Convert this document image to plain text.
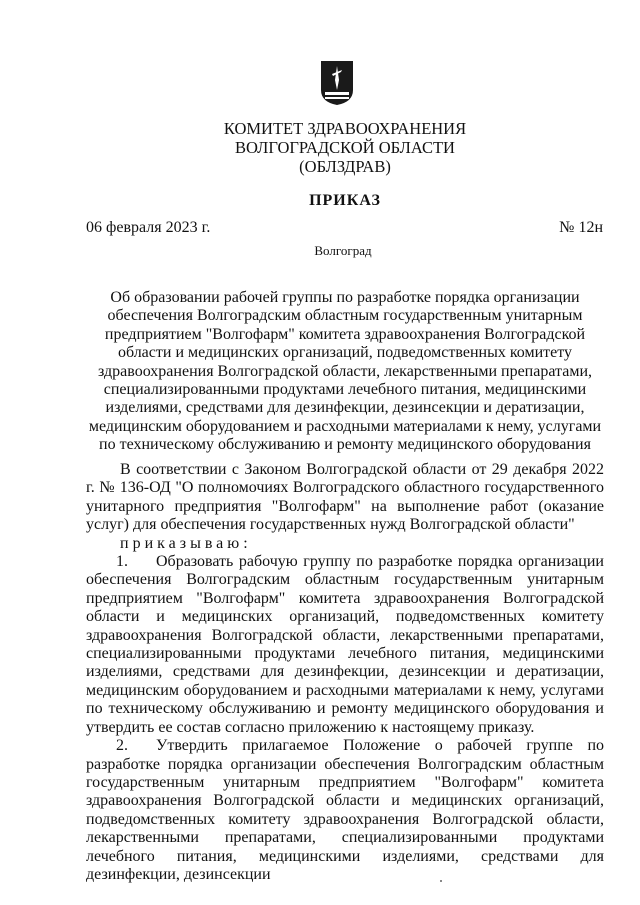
КОМИТЕТ ЗДРАВООХРАНЕНИЯ
ВОЛГОГРАДСКОЙ ОБЛАСТИ
(ОБЛЗДРАВ)
ПРИКАЗ
06 февраля 2023 г.	№ 12н
Волгоград
Об образовании рабочей группы по разработке порядка организации обеспечения Волгоградским областным государственным унитарным предприятием "Волгофарм" комитета здравоохранения Волгоградской области и медицинских организаций, подведомственных комитету здравоохранения Волгоградской области, лекарственными препаратами, специализированными продуктами лечебного питания, медицинскими изделиями, средствами для дезинфекции, дезинсекции и дератизации, медицинским оборудованием и расходными материалами к нему, услугами по техническому обслуживанию и ремонту медицинского оборудования

В соответствии с Законом Волгоградской области от 29 декабря 2022 г. № 136-ОД "О полномочиях Волгоградского областного государственного унитарного предприятия "Волгофарм" на выполнение работ (оказание услуг) для обеспечения государственных нужд Волгоградской области"

приказываю:

1. Образовать рабочую группу по разработке порядка организации обеспечения Волгоградским областным государственным унитарным предприятием "Волгофарм" комитета здравоохранения Волгоградской области и медицинских организаций, подведомственных комитету здравоохранения Волгоградской области, лекарственными препаратами, специализированными продуктами лечебного питания, медицинскими изделиями, средствами для дезинфекции, дезинсекции и дератизации, медицинским оборудованием и расходными материалами к нему, услугами по техническому обслуживанию и ремонту медицинского оборудования и утвердить ее состав согласно приложению к настоящему приказу.

2. Утвердить прилагаемое Положение о рабочей группе по разработке порядка организации обеспечения Волгоградским областным государственным унитарным предприятием "Волгофарм" комитета здравоохранения Волгоградской области и медицинских организаций, подведомственных комитету здравоохранения Волгоградской области, лекарственными препаратами, специализированными продуктами лечебного питания, медицинскими изделиями, средствами для дезинфекции, дезинсекции
